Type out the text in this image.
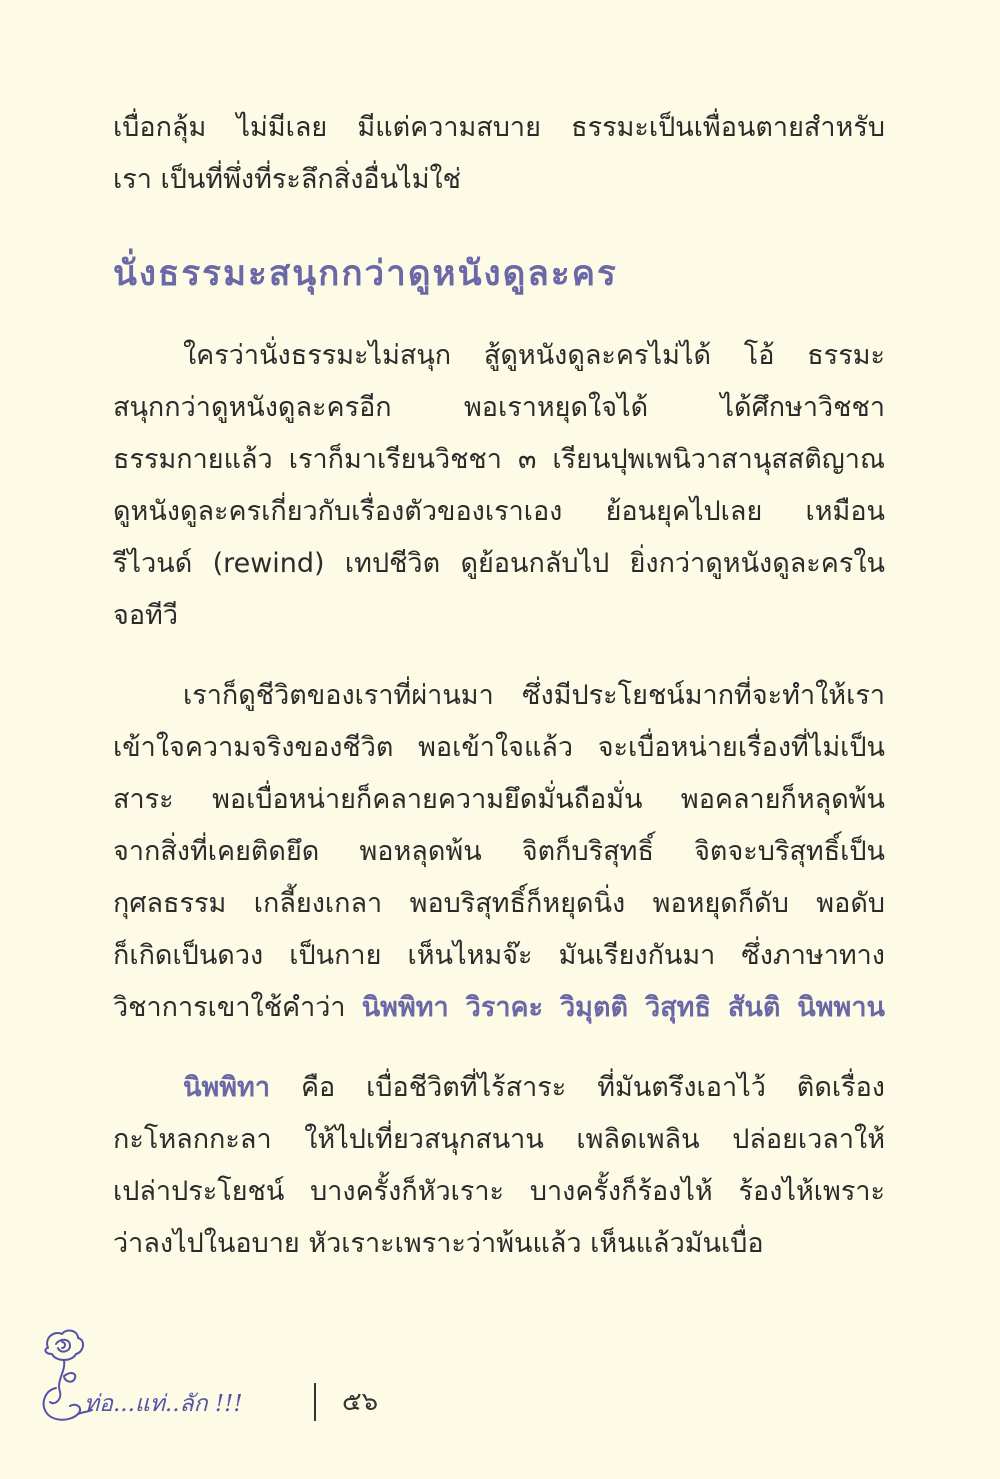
เบื่อกลุ้ม ไม่มีเลย มีแต่ความสบาย ธรรมะเป็นเพื่อนตายสำหรับ
เรา เป็นที่พึ่งที่ระลึกสิ่งอื่นไม่ใช่
นั่งธรรมะสนุกกว่าดูหนังดูละคร
ใครว่านั่งธรรมะไม่สนุก สู้ดูหนังดูละครไม่ได้ โอ้ ธรรมะ
สนุกกว่าดูหนังดูละครอีก พอเราหยุดใจได้ ได้ศึกษาวิชชา
ธรรมกายแล้ว เราก็มาเรียนวิชชา ๓ เรียนปุพเพนิวาสานุสสติญาณ
ดูหนังดูละครเกี่ยวกับเรื่องตัวของเราเอง ย้อนยุคไปเลย เหมือน
รีไวนด์ (rewind) เทปชีวิต ดูย้อนกลับไป ยิ่งกว่าดูหนังดูละครใน
จอทีวี
เราก็ดูชีวิตของเราที่ผ่านมา ซึ่งมีประโยชน์มากที่จะทำให้เรา
เข้าใจความจริงของชีวิต พอเข้าใจแล้ว จะเบื่อหน่ายเรื่องที่ไม่เป็น
สาระ พอเบื่อหน่ายก็คลายความยึดมั่นถือมั่น พอคลายก็หลุดพ้น
จากสิ่งที่เคยติดยึด พอหลุดพ้น จิตก็บริสุทธิ์ จิตจะบริสุทธิ์เป็น
กุศลธรรม เกลี้ยงเกลา พอบริสุทธิ์ก็หยุดนิ่ง พอหยุดก็ดับ พอดับ
ก็เกิดเป็นดวง เป็นกาย เห็นไหมจ๊ะ มันเรียงกันมา ซึ่งภาษาทาง
วิชาการเขาใช้คำว่า นิพพิทา วิราคะ วิมุตติ วิสุทธิ สันติ นิพพาน
นิพพิทา คือ เบื่อชีวิตที่ไร้สาระ ที่มันตรึงเอาไว้ ติดเรื่อง
กะโหลกกะลา ให้ไปเที่ยวสนุกสนาน เพลิดเพลิน ปล่อยเวลาให้
เปล่าประโยชน์ บางครั้งก็หัวเราะ บางครั้งก็ร้องไห้ ร้องไห้เพราะ
ว่าลงไปในอบาย หัวเราะเพราะว่าพ้นแล้ว เห็นแล้วมันเบื่อ
ท่อ...แท่..ลัก !!!	๕๖
